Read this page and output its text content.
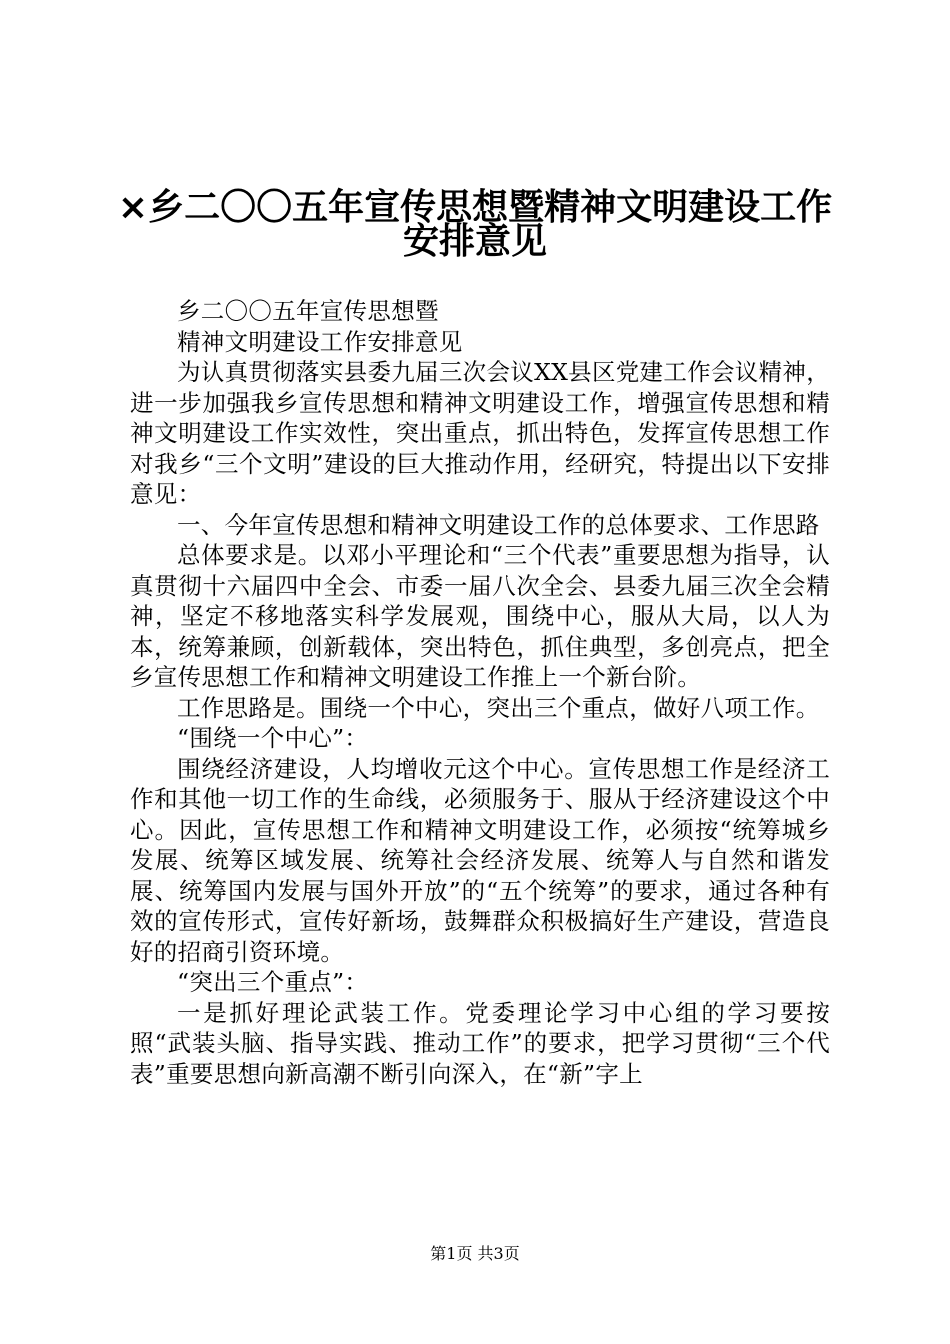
×乡二〇〇五年宣传思想暨精神文明建设工作
安排意见

乡二〇〇五年宣传思想暨

精神文明建设工作安排意见

为认真贯彻落实县委九届三次会议XX县区党建工作会议精神，进一步加强我乡宣传思想和精神文明建设工作，增强宣传思想和精神文明建设工作实效性，突出重点，抓出特色，发挥宣传思想工作对我乡“三个文明”建设的巨大推动作用，经研究，特提出以下安排意见：

一、今年宣传思想和精神文明建设工作的总体要求、工作思路

总体要求是。以邓小平理论和“三个代表”重要思想为指导，认真贯彻十六届四中全会、市委一届八次全会、县委九届三次全会精神，坚定不移地落实科学发展观，围绕中心，服从大局，以人为本，统筹兼顾，创新载体，突出特色，抓住典型，多创亮点，把全乡宣传思想工作和精神文明建设工作推上一个新台阶。

工作思路是。围绕一个中心，突出三个重点，做好八项工作。

“围绕一个中心”：

围绕经济建设，人均增收元这个中心。宣传思想工作是经济工作和其他一切工作的生命线，必须服务于、服从于经济建设这个中心。因此，宣传思想工作和精神文明建设工作，必须按“统筹城乡发展、统筹区域发展、统筹社会经济发展、统筹人与自然和谐发展、统筹国内发展与国外开放”的“五个统筹”的要求，通过各种有效的宣传形式，宣传好新场，鼓舞群众积极搞好生产建设，营造良好的招商引资环境。

“突出三个重点”：

一是抓好理论武装工作。党委理论学习中心组的学习要按照“武装头脑、指导实践、推动工作”的要求，把学习贯彻“三个代表”重要思想向新高潮不断引向深入，在“新”字上

第1页 共3页
